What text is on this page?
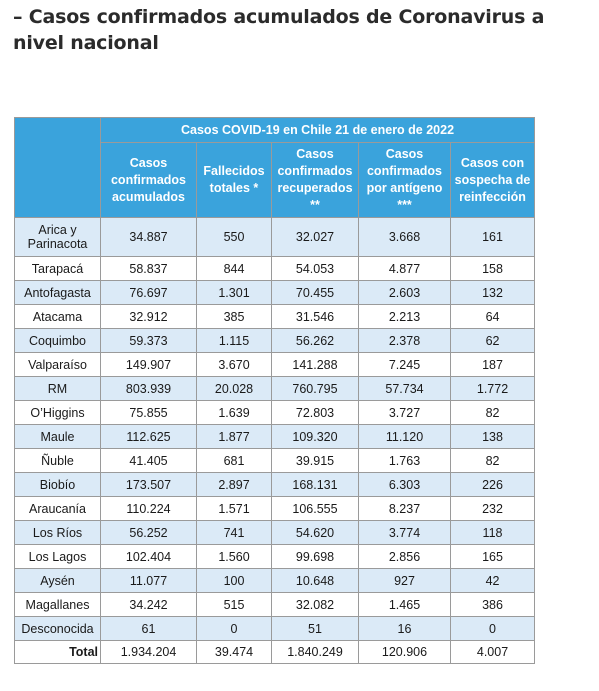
– Casos confirmados acumulados de Coronavirus a nivel nacional
	Casos COVID-19 en Chile 21 de enero de 2022				
	Casos confirmados acumulados	Fallecidos totales *	Casos confirmados recuperados **	Casos confirmados por antígeno ***	Casos con sospecha de reinfección
Arica y Parinacota	34.887	550	32.027	3.668	161
Tarapacá	58.837	844	54.053	4.877	158
Antofagasta	76.697	1.301	70.455	2.603	132
Atacama	32.912	385	31.546	2.213	64
Coquimbo	59.373	1.115	56.262	2.378	62
Valparaíso	149.907	3.670	141.288	7.245	187
RM	803.939	20.028	760.795	57.734	1.772
O’Higgins	75.855	1.639	72.803	3.727	82
Maule	112.625	1.877	109.320	11.120	138
Ñuble	41.405	681	39.915	1.763	82
Biobío	173.507	2.897	168.131	6.303	226
Araucanía	110.224	1.571	106.555	8.237	232
Los Ríos	56.252	741	54.620	3.774	118
Los Lagos	102.404	1.560	99.698	2.856	165
Aysén	11.077	100	10.648	927	42
Magallanes	34.242	515	32.082	1.465	386
Desconocida	61	0	51	16	0
Total	1.934.204	39.474	1.840.249	120.906	4.007
